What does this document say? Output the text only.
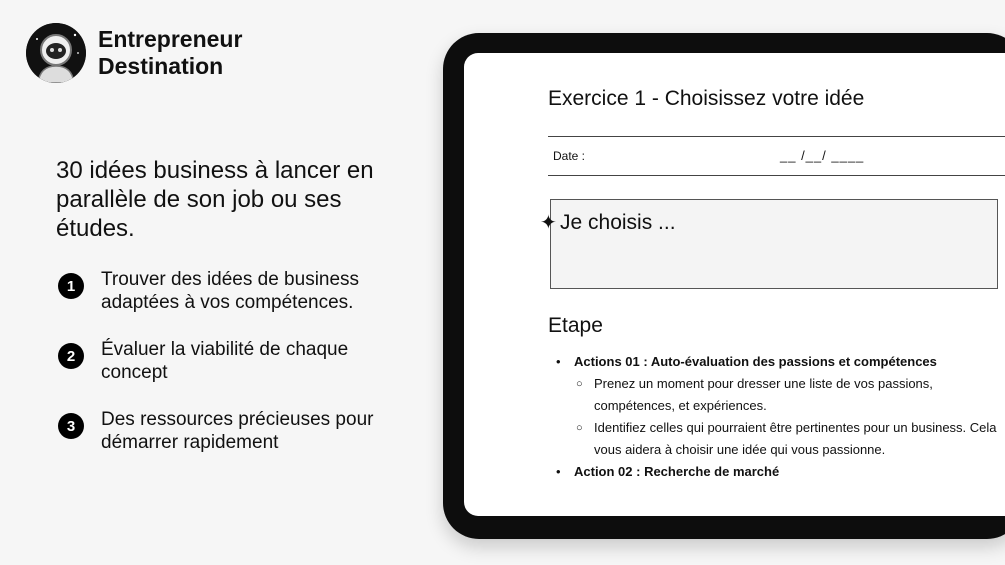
Entrepreneur Destination
30 idées business à lancer en parallèle de son job ou ses études.
1	Trouver des idées de business adaptées à vos compétences.
2	Évaluer la viabilité de chaque concept
3	Des ressources précieuses pour démarrer rapidement
Exercice 1 - Choisissez votre idée
Date :	__ /__/ ____
✦ Je choisis ...
Etape
• Actions 01 : Auto-évaluation des passions et compétences
○ Prenez un moment pour dresser une liste de vos passions, compétences, et expériences.
○ Identifiez celles qui pourraient être pertinentes pour un business. Cela vous aidera à choisir une idée qui vous passionne.
• Action 02 : Recherche de marché
